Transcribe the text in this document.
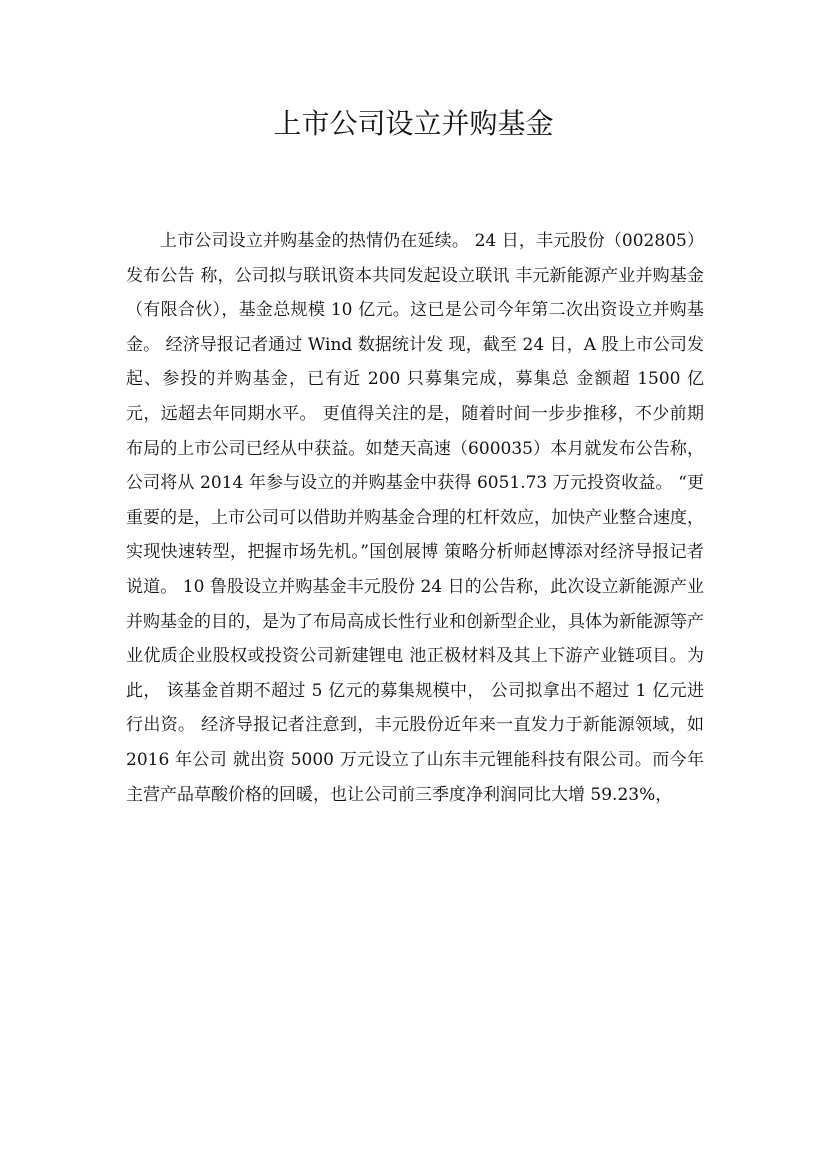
上市公司设立并购基金

上市公司设立并购基金的热情仍在延续。 24 日，丰元股份（002805）发布公告 称，公司拟与联讯资本共同发起设立联讯 丰元新能源产业并购基金（有限合伙），基金总规模 10 亿元。这已是公司今年第二次出资设立并购基金。 经济导报记者通过 Wind 数据统计发 现，截至 24 日，A 股上市公司发起、参投的并购基金，已有近 200 只募集完成，募集总 金额超 1500 亿元，远超去年同期水平。 更值得关注的是，随着时间一步步推移，不少前期布局的上市公司已经从中获益。如楚天高速（600035）本月就发布公告称，公司将从 2014 年参与设立的并购基金中获得 6051.73 万元投资收益。 “更重要的是，上市公司可以借助并购基金合理的杠杆效应，加快产业整合速度， 实现快速转型，把握市场先机。”国创展博 策略分析师赵博添对经济导报记者说道。 10 鲁股设立并购基金丰元股份 24 日的公告称，此次设立新能源产业并购基金的目的，是为了布局高成长性行业和创新型企业，具体为新能源等产业优质企业股权或投资公司新建锂电 池正极材料及其上下游产业链项目。为此， 该基金首期不超过 5 亿元的募集规模中， 公司拟拿出不超过 1 亿元进行出资。 经济导报记者注意到，丰元股份近年来一直发力于新能源领域，如 2016 年公司 就出资 5000 万元设立了山东丰元锂能科技有限公司。而今年主营产品草酸价格的回暖，也让公司前三季度净利润同比大增 59.23%，
